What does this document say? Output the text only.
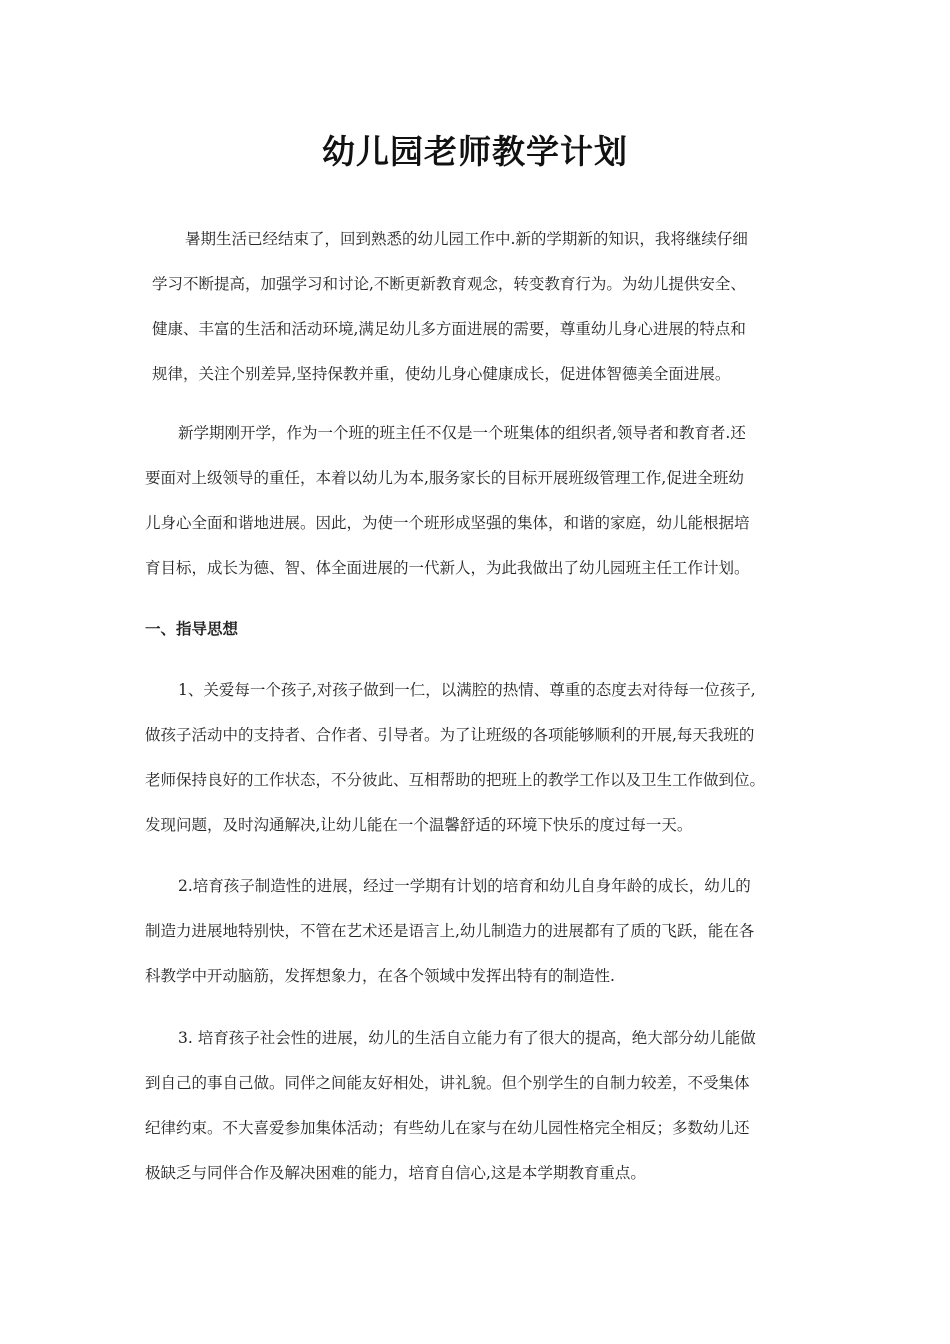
幼儿园老师教学计划
暑期生活已经结束了，回到熟悉的幼儿园工作中.新的学期新的知识，我将继续仔细
学习不断提高，加强学习和讨论,不断更新教育观念，转变教育行为。为幼儿提供安全、
健康、丰富的生活和活动环境,满足幼儿多方面进展的需要，尊重幼儿身心进展的特点和
规律，关注个别差异,坚持保教并重，使幼儿身心健康成长，促进体智德美全面进展。
新学期刚开学，作为一个班的班主任不仅是一个班集体的组织者,领导者和教育者.还
要面对上级领导的重任，本着以幼儿为本,服务家长的目标开展班级管理工作,促进全班幼
儿身心全面和谐地进展。因此，为使一个班形成坚强的集体，和谐的家庭，幼儿能根据培
育目标，成长为德、智、体全面进展的一代新人，为此我做出了幼儿园班主任工作计划。
一、指导思想
1、关爱每一个孩子,对孩子做到一仁，以满腔的热情、尊重的态度去对待每一位孩子,
做孩子活动中的支持者、合作者、引导者。为了让班级的各项能够顺利的开展,每天我班的
老师保持良好的工作状态，不分彼此、互相帮助的把班上的教学工作以及卫生工作做到位。
发现问题，及时沟通解决,让幼儿能在一个温馨舒适的环境下快乐的度过每一天。
2.培育孩子制造性的进展，经过一学期有计划的培育和幼儿自身年龄的成长，幼儿的
制造力进展地特别快，不管在艺术还是语言上,幼儿制造力的进展都有了质的飞跃，能在各
科教学中开动脑筋，发挥想象力，在各个领域中发挥出特有的制造性.
3. 培育孩子社会性的进展，幼儿的生活自立能力有了很大的提高，绝大部分幼儿能做
到自己的事自己做。同伴之间能友好相处，讲礼貌。但个别学生的自制力较差，不受集体
纪律约束。不大喜爱参加集体活动；有些幼儿在家与在幼儿园性格完全相反；多数幼儿还
极缺乏与同伴合作及解决困难的能力，培育自信心,这是本学期教育重点。
